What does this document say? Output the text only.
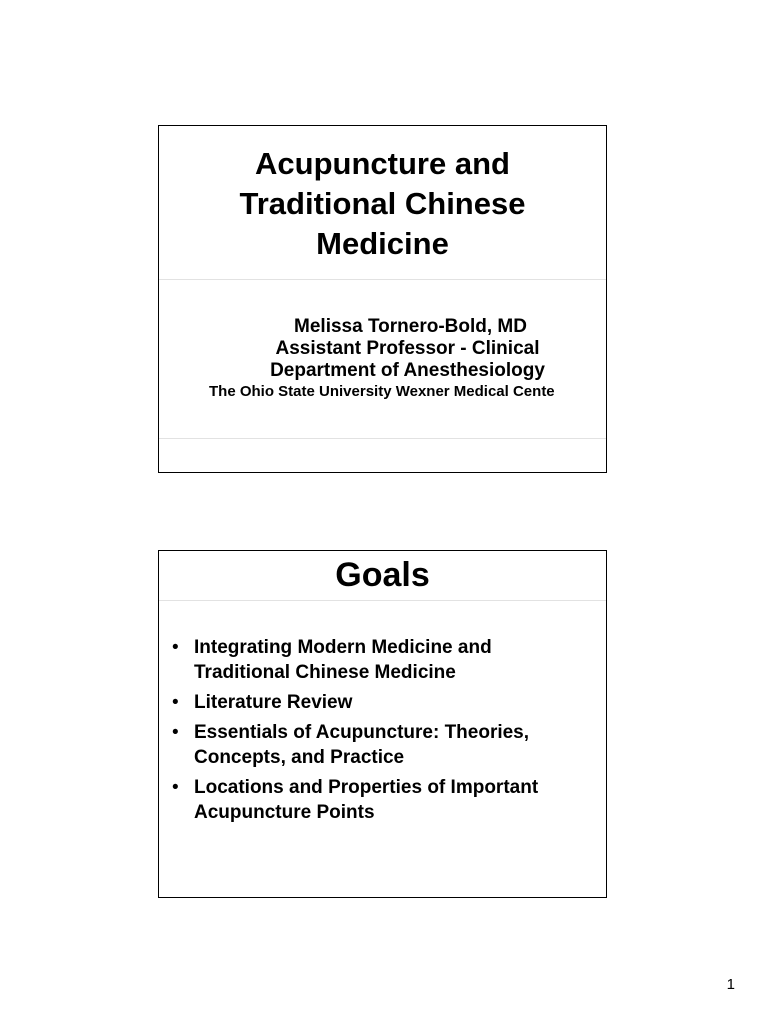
Acupuncture and
Traditional Chinese
Medicine
Melissa Tornero-Bold, MD
Assistant Professor - Clinical
Department of Anesthesiology
The Ohio State University Wexner Medical Cente
Goals
• Integrating Modern Medicine and
Traditional Chinese Medicine
• Literature Review
• Essentials of Acupuncture: Theories,
Concepts, and Practice
• Locations and Properties of Important
Acupuncture Points
1
